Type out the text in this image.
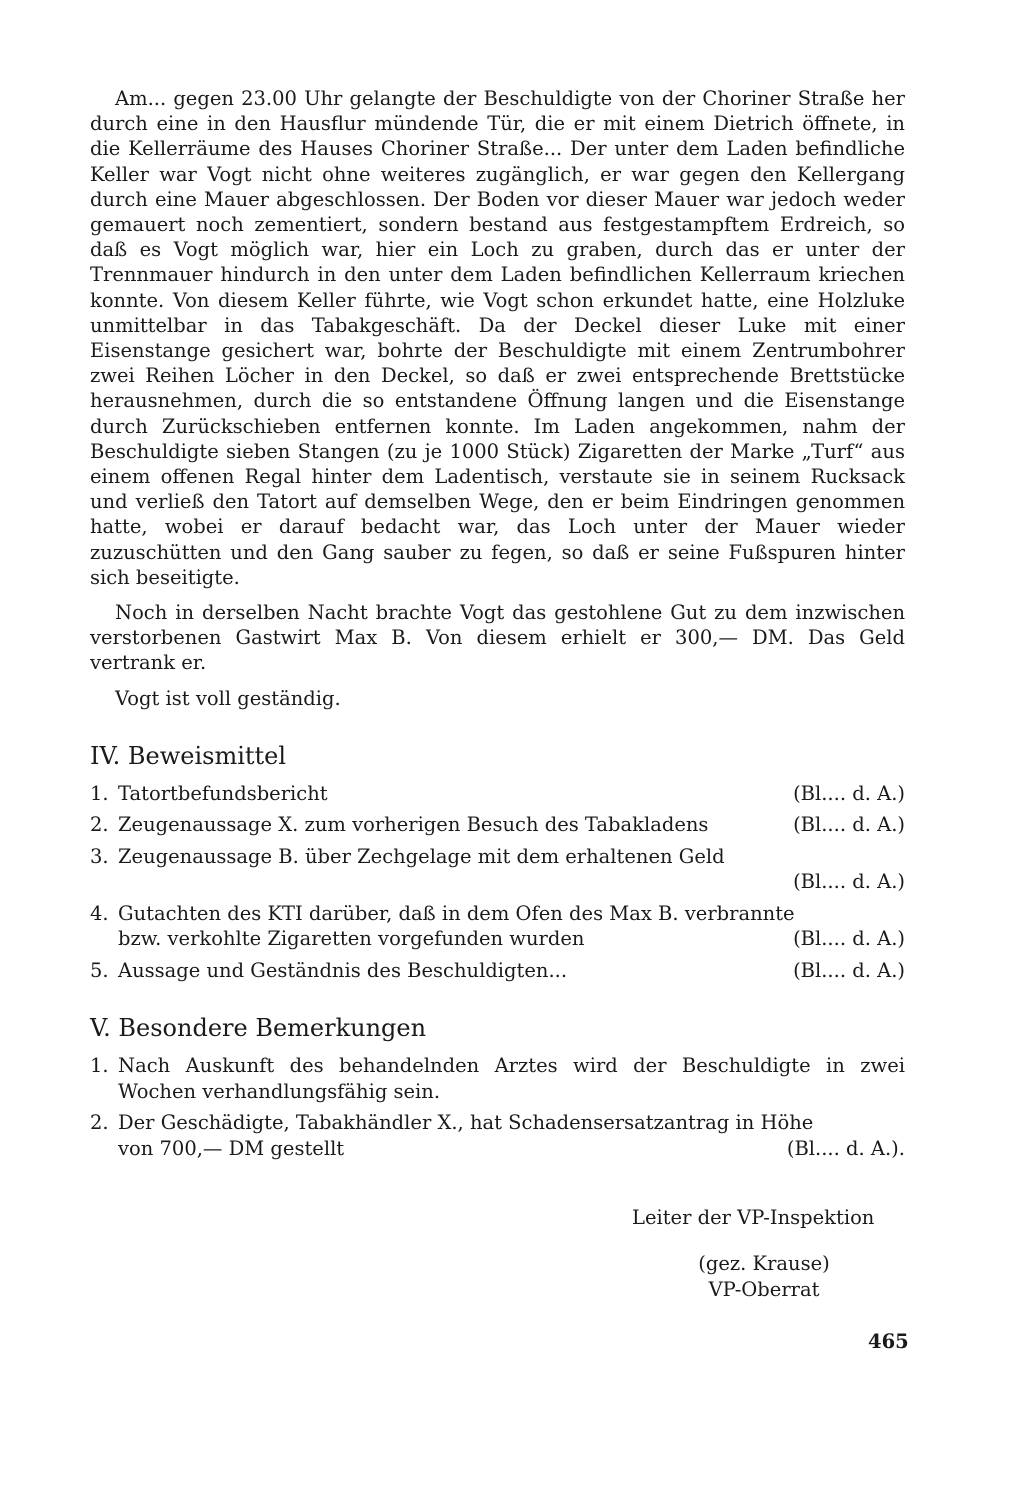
Am... gegen 23.00 Uhr gelangte der Beschuldigte von der Choriner Straße her durch eine in den Hausflur mündende Tür, die er mit einem Dietrich öffnete, in die Kellerräume des Hauses Choriner Straße... Der unter dem Laden befindliche Keller war Vogt nicht ohne weiteres zugänglich, er war gegen den Kellergang durch eine Mauer abgeschlossen. Der Boden vor dieser Mauer war jedoch weder gemauert noch zementiert, sondern bestand aus festgestampftem Erdreich, so daß es Vogt möglich war, hier ein Loch zu graben, durch das er unter der Trennmauer hindurch in den unter dem Laden befindlichen Kellerraum kriechen konnte. Von diesem Keller führte, wie Vogt schon erkundet hatte, eine Holzluke unmittelbar in das Tabakgeschäft. Da der Deckel dieser Luke mit einer Eisenstange gesichert war, bohrte der Beschuldigte mit einem Zentrumbohrer zwei Reihen Löcher in den Deckel, so daß er zwei entsprechende Brettstücke herausnehmen, durch die so entstandene Öffnung langen und die Eisenstange durch Zurückschieben entfernen konnte. Im Laden angekommen, nahm der Beschuldigte sieben Stangen (zu je 1000 Stück) Zigaretten der Marke „Turf“ aus einem offenen Regal hinter dem Ladentisch, verstaute sie in seinem Rucksack und verließ den Tatort auf demselben Wege, den er beim Eindringen genommen hatte, wobei er darauf bedacht war, das Loch unter der Mauer wieder zuzuschütten und den Gang sauber zu fegen, so daß er seine Fußspuren hinter sich beseitigte.

Noch in derselben Nacht brachte Vogt das gestohlene Gut zu dem inzwischen verstorbenen Gastwirt Max B. Von diesem erhielt er 300,— DM. Das Geld vertrank er.

Vogt ist voll geständig.

IV. Beweismittel
1. Tatortbefundsbericht	(Bl.... d. A.)
2. Zeugenaussage X. zum vorherigen Besuch des Tabakladens	(Bl.... d. A.)
3. Zeugenaussage B. über Zechgelage mit dem erhaltenen Geld
(Bl.... d. A.)
4. Gutachten des KTI darüber, daß in dem Ofen des Max B. verbrannte
bzw. verkohlte Zigaretten vorgefunden wurden	(Bl.... d. A.)
5. Aussage und Geständnis des Beschuldigten...	(Bl.... d. A.)
V. Besondere Bemerkungen
1. Nach Auskunft des behandelnden Arztes wird der Beschuldigte in zwei Wochen verhandlungsfähig sein.
2. Der Geschädigte, Tabakhändler X., hat Schadensersatzantrag in Höhe
von 700,— DM gestellt	(Bl.... d. A.).
Leiter der VP-Inspektion
(gez. Krause)
VP-Oberrat
465
